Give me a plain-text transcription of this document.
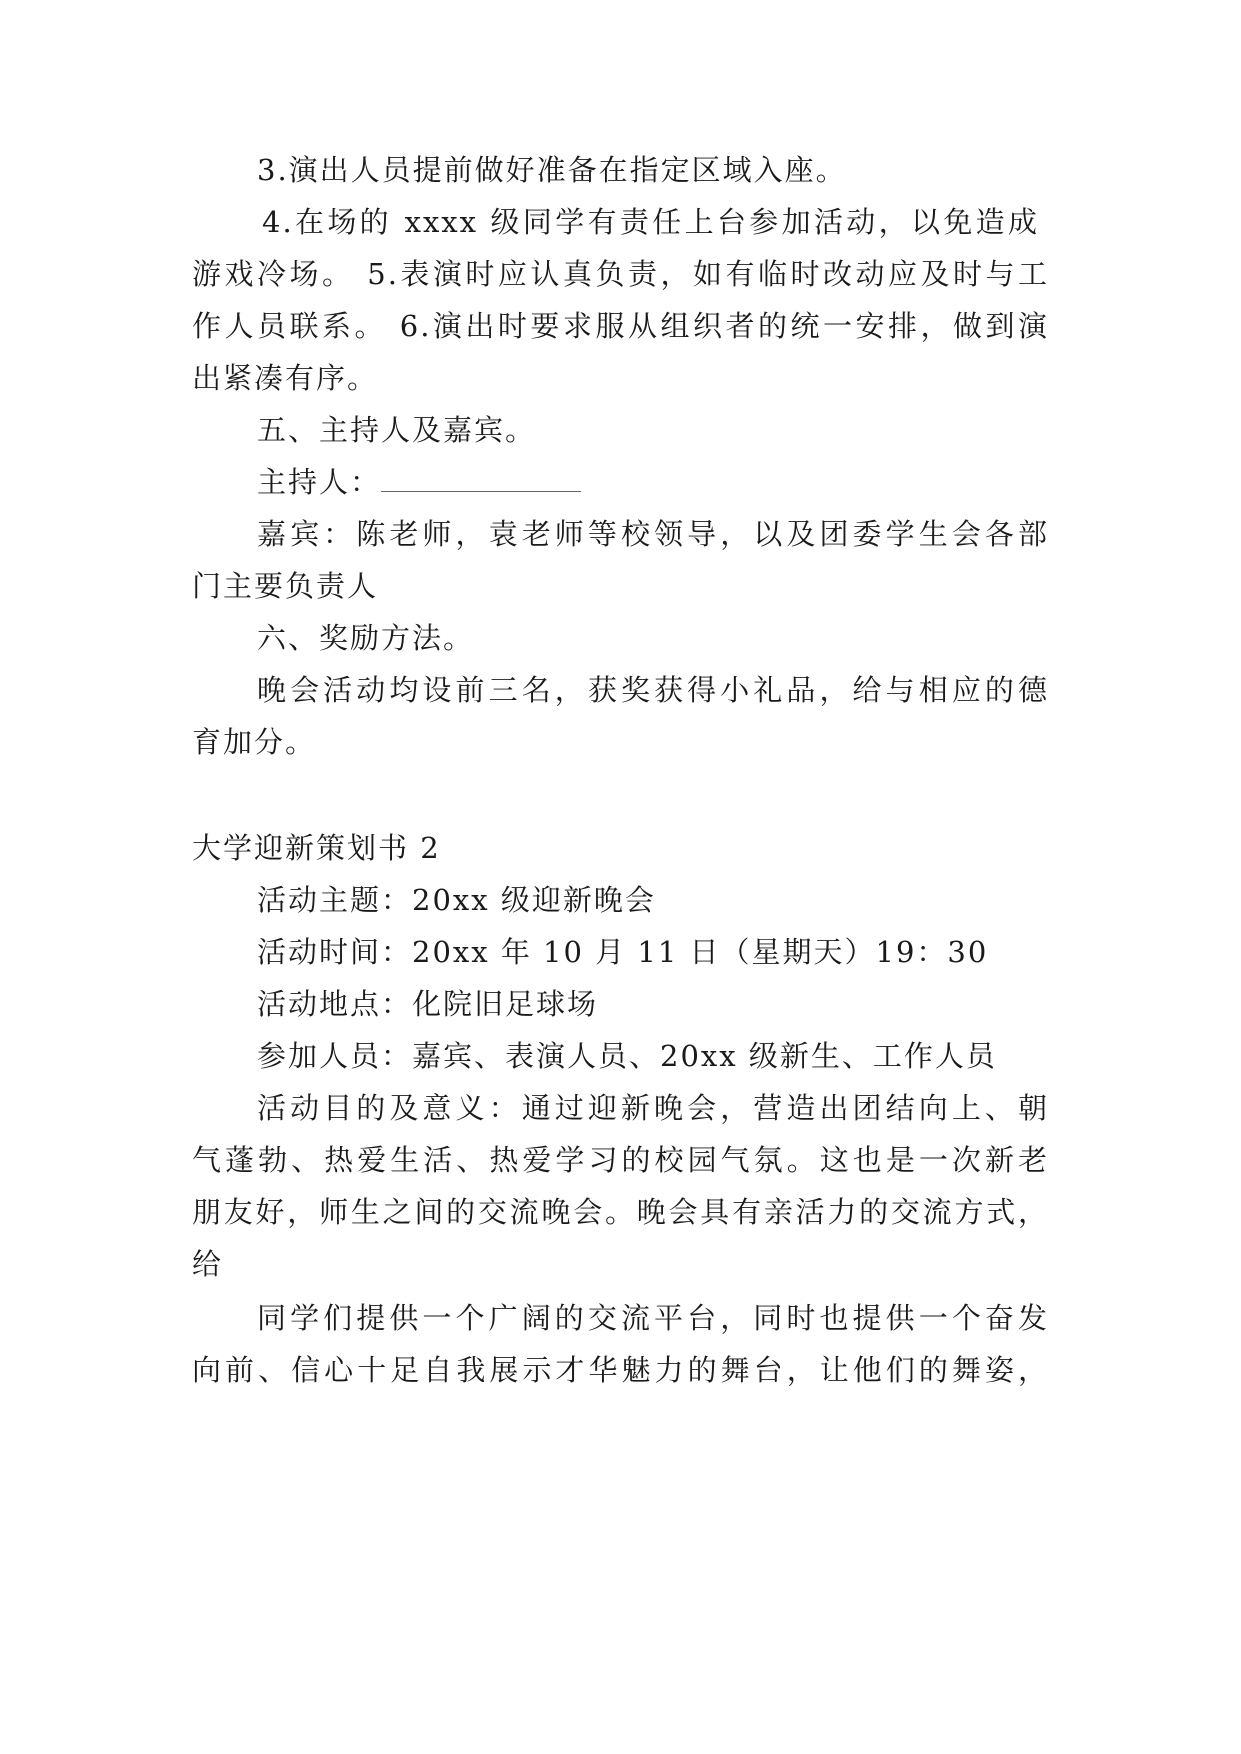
3.演出人员提前做好准备在指定区域入座。
4.在场的 xxxx 级同学有责任上台参加活动，以免造成
游戏冷场。 5.表演时应认真负责，如有临时改动应及时与工
作人员联系。 6.演出时要求服从组织者的统一安排，做到演
出紧凑有序。
五、主持人及嘉宾。
主持人：
嘉宾：陈老师，袁老师等校领导，以及团委学生会各部
门主要负责人
六、奖励方法。
晚会活动均设前三名，获奖获得小礼品，给与相应的德
育加分。
大学迎新策划书 2
活动主题：20xx 级迎新晚会
活动时间：20xx 年 10 月 11 日（星期天）19：30
活动地点：化院旧足球场
参加人员：嘉宾、表演人员、20xx 级新生、工作人员
活动目的及意义：通过迎新晚会，营造出团结向上、朝
气蓬勃、热爱生活、热爱学习的校园气氛。这也是一次新老
朋友好，师生之间的交流晚会。晚会具有亲活力的交流方式，
给
同学们提供一个广阔的交流平台，同时也提供一个奋发
向前、信心十足自我展示才华魅力的舞台，让他们的舞姿，
